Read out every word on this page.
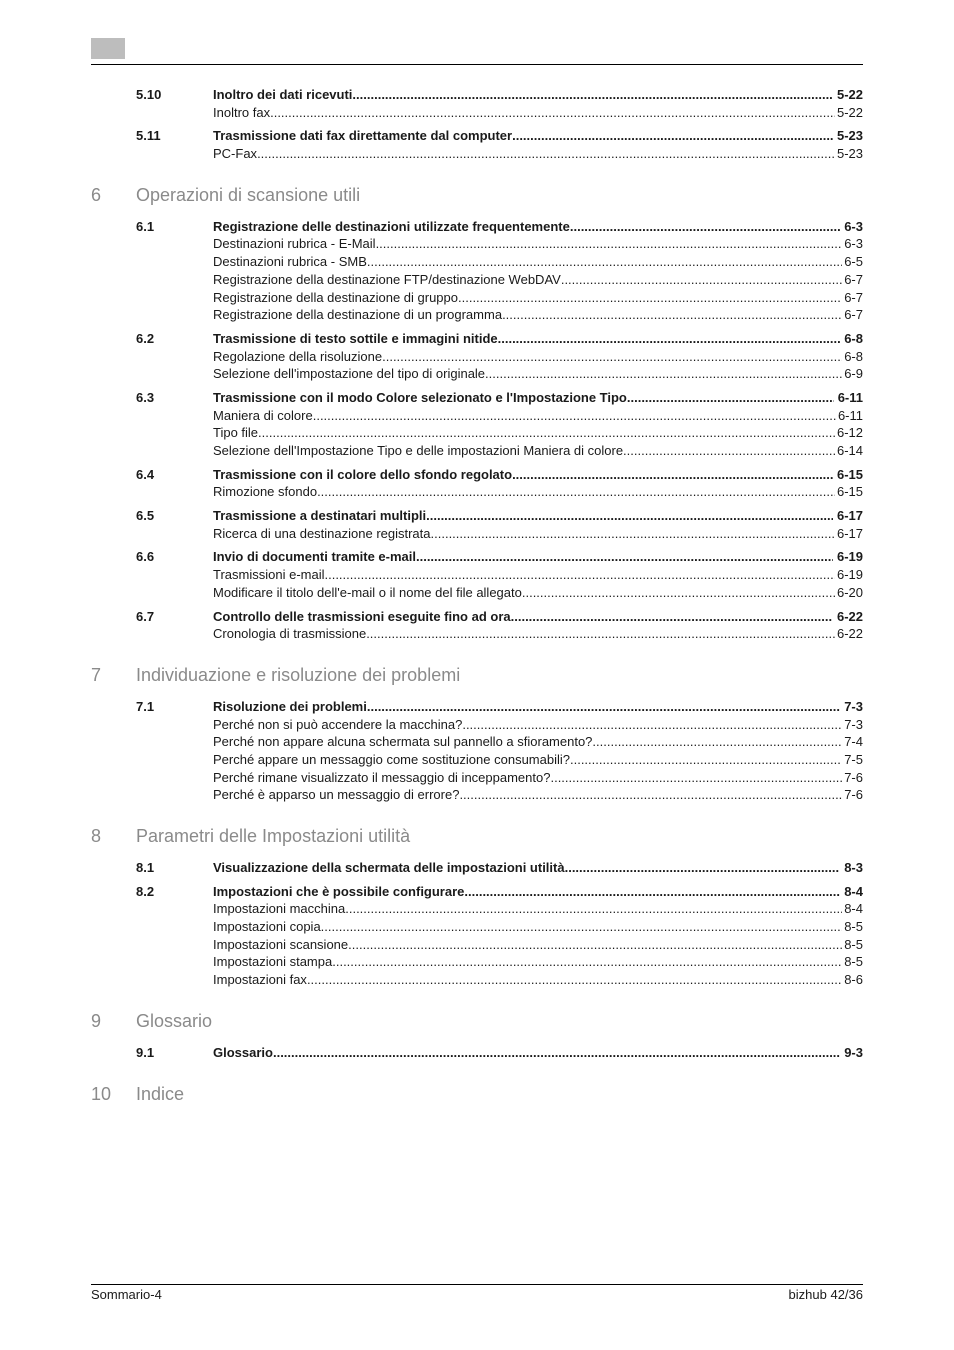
5.10	Inoltro dei dati ricevuti .....	5-22
Inoltro fax .....	5-22
5.11	Trasmissione dati fax direttamente dal computer .....	5-23
PC-Fax .....	5-23
6 Operazioni di scansione utili
6.1	Registrazione delle destinazioni utilizzate frequentemente .....	6-3
Destinazioni rubrica - E-Mail .....	6-3
Destinazioni rubrica - SMB .....	6-5
Registrazione della destinazione FTP/destinazione WebDAV .....	6-7
Registrazione della destinazione di gruppo .....	6-7
Registrazione della destinazione di un programma .....	6-7
6.2	Trasmissione di testo sottile e immagini nitide .....	6-8
Regolazione della risoluzione .....	6-8
Selezione dell'impostazione del tipo di originale .....	6-9
6.3	Trasmissione con il modo Colore selezionato e l'Impostazione Tipo .....	6-11
Maniera di colore .....	6-11
Tipo file .....	6-12
Selezione dell'Impostazione Tipo e delle impostazioni Maniera di colore .....	6-14
6.4	Trasmissione con il colore dello sfondo regolato .....	6-15
Rimozione sfondo .....	6-15
6.5	Trasmissione a destinatari multipli .....	6-17
Ricerca di una destinazione registrata .....	6-17
6.6	Invio di documenti tramite e-mail .....	6-19
Trasmissioni e-mail .....	6-19
Modificare il titolo dell'e-mail o il nome del file allegato .....	6-20
6.7	Controllo delle trasmissioni eseguite fino ad ora .....	6-22
Cronologia di trasmissione .....	6-22
7 Individuazione e risoluzione dei problemi
7.1	Risoluzione dei problemi .....	7-3
Perché non si può accendere la macchina? .....	7-3
Perché non appare alcuna schermata sul pannello a sfioramento? .....	7-4
Perché appare un messaggio come sostituzione consumabili? .....	7-5
Perché rimane visualizzato il messaggio di inceppamento? .....	7-6
Perché è apparso un messaggio di errore? .....	7-6
8 Parametri delle Impostazioni utilità
8.1	Visualizzazione della schermata delle impostazioni utilità .....	8-3
8.2	Impostazioni che è possibile configurare .....	8-4
Impostazioni macchina .....	8-4
Impostazioni copia .....	8-5
Impostazioni scansione .....	8-5
Impostazioni stampa .....	8-5
Impostazioni fax .....	8-6
9 Glossario
9.1	Glossario .....	9-3
10 Indice
Sommario-4	bizhub 42/36
